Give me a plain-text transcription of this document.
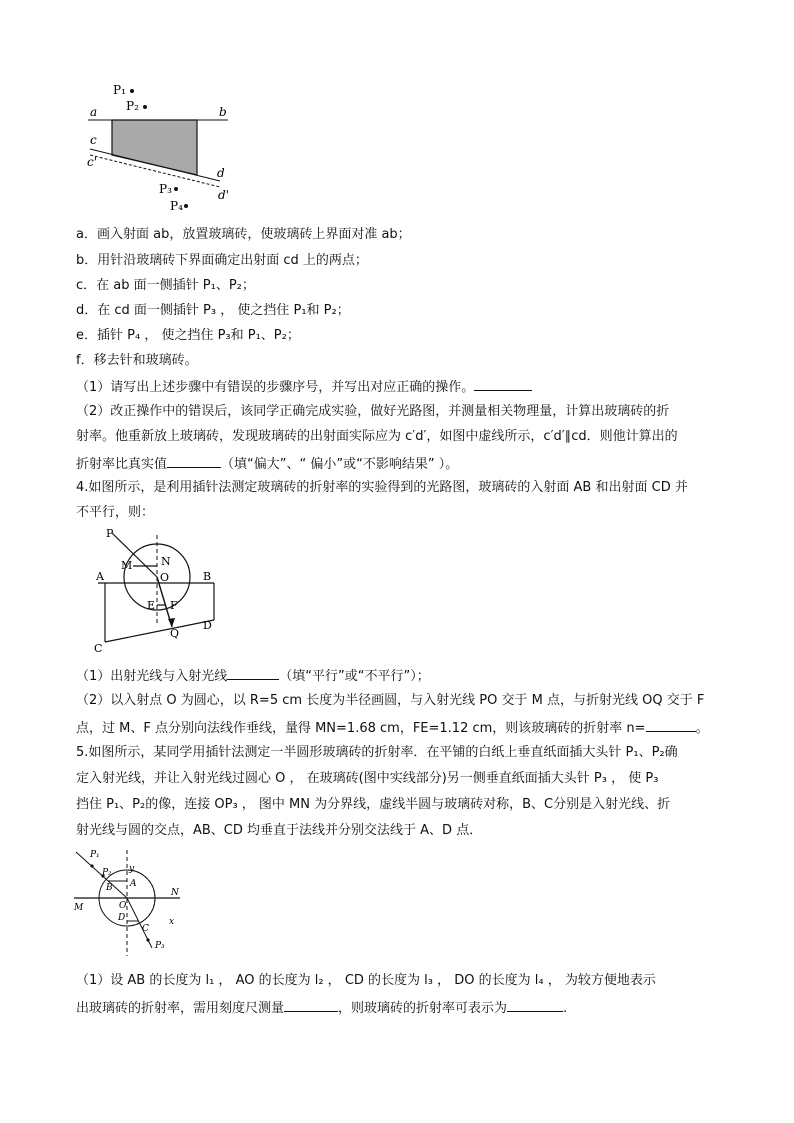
P₁
P₂
a	b
c
c'
d
d'
P₃
P₄
a．画入射面 ab，放置玻璃砖，使玻璃砖上界面对准 ab；
b．用针沿玻璃砖下界面确定出射面 cd 上的两点；
c．在 ab 面一侧插针 P₁、P₂；
d．在 cd 面一侧插针 P₃ ， 使之挡住 P₁和 P₂；
e．插针 P₄ ， 使之挡住 P₃和 P₁、P₂；
f．移去针和玻璃砖。
（1）请写出上述步骤中有错误的步骤序号，并写出对应正确的操作。
（2）改正操作中的错误后，该同学正确完成实验，做好光路图，并测量相关物理量，计算出玻璃砖的折
射率。他重新放上玻璃砖，发现玻璃砖的出射面实际应为 c′d′，如图中虚线所示，c′d′∥cd．则他计算出的
折射率比真实值	（填“偏大”、“ 偏小”或“不影响结果” ）。
4.如图所示，是利用插针法测定玻璃砖的折射率的实验得到的光路图，玻璃砖的入射面 AB 和出射面 CD 并
不平行，则：
P
M	N
A	O	B
E F
D
C
Q
（1）出射光线与入射光线	（填“平行”或“不平行”）；
（2）以入射点 O 为圆心，以 R=5 cm 长度为半径画圆，与入射光线 PO 交于 M 点，与折射光线 OQ 交于 F
点，过 M、F 点分别向法线作垂线，量得 MN=1.68 cm，FE=1.12 cm，则该玻璃砖的折射率 n=	。
5.如图所示，某同学用插针法测定一半圆形玻璃砖的折射率．在平铺的白纸上垂直纸面插大头针 P₁、P₂确
定入射光线，并让入射光线过圆心 O ， 在玻璃砖(图中实线部分)另一侧垂直纸面插大头针 P₃ ， 使 P₃
挡住 P₁、P₂的像，连接 OP₃ ， 图中 MN 为分界线，虚线半圆与玻璃砖对称，B、C分别是入射光线、折
射光线与圆的交点，AB、CD 均垂直于法线并分别交法线于 A、D 点．
P₁
P₂ y
A
B
M	O
N
D	x
C
P₃
（1）设 AB 的长度为 l₁ ， AO 的长度为 l₂ ， CD 的长度为 l₃ ， DO 的长度为 l₄ ， 为较方便地表示
出玻璃砖的折射率，需用刻度尺测量	，则玻璃砖的折射率可表示为	.
